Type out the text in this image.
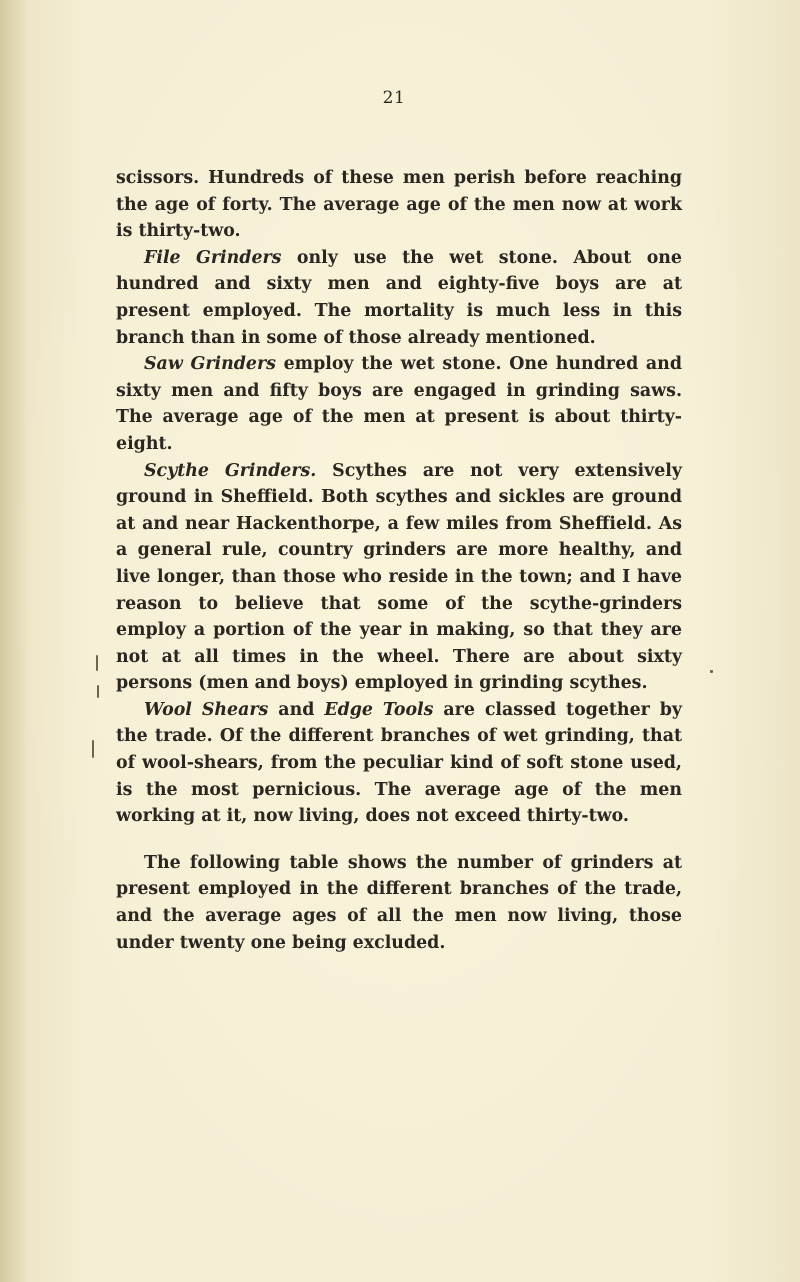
21

scissors. Hundreds of these men perish before reaching the age of forty. The average age of the men now at work is thirty-two.

File Grinders only use the wet stone. About one hundred and sixty men and eighty-five boys are at present employed. The mortality is much less in this branch than in some of those already mentioned.

Saw Grinders employ the wet stone. One hundred and sixty men and fifty boys are engaged in grinding saws. The average age of the men at present is about thirty-eight.

Scythe Grinders. Scythes are not very extensively ground in Sheffield. Both scythes and sickles are ground at and near Hackenthorpe, a few miles from Sheffield. As a general rule, country grinders are more healthy, and live longer, than those who reside in the town; and I have reason to believe that some of the scythe-grinders employ a portion of the year in making, so that they are not at all times in the wheel. There are about sixty persons (men and boys) employed in grinding scythes.

Wool Shears and Edge Tools are classed together by the trade. Of the different branches of wet grinding, that of wool-shears, from the peculiar kind of soft stone used, is the most pernicious. The average age of the men working at it, now living, does not exceed thirty-two.

The following table shows the number of grinders at present employed in the different branches of the trade, and the average ages of all the men now living, those under twenty one being excluded.
